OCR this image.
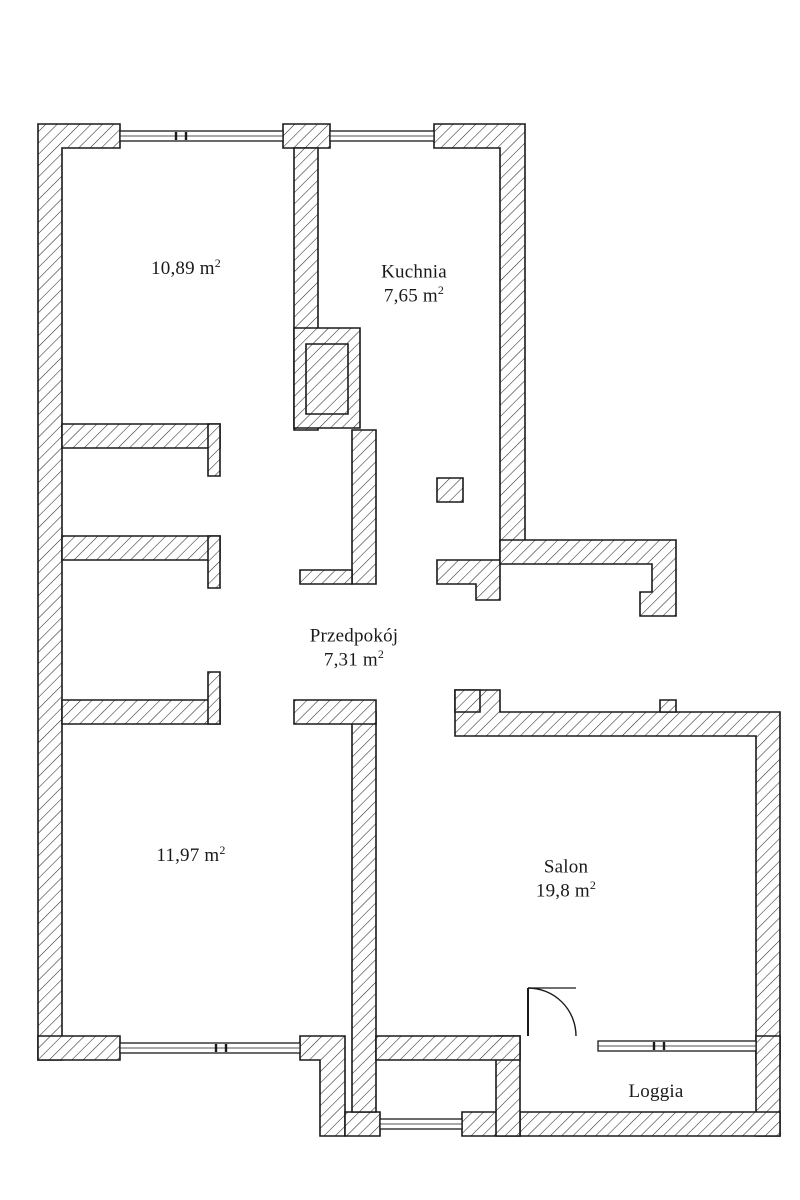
10,89 $m^2$	Kuchnia
7,65 $m^2$
Przedpokój
7,31 $m^2$
11,97 $m^2$
Salon
19,8 $m^2$
Loggia
